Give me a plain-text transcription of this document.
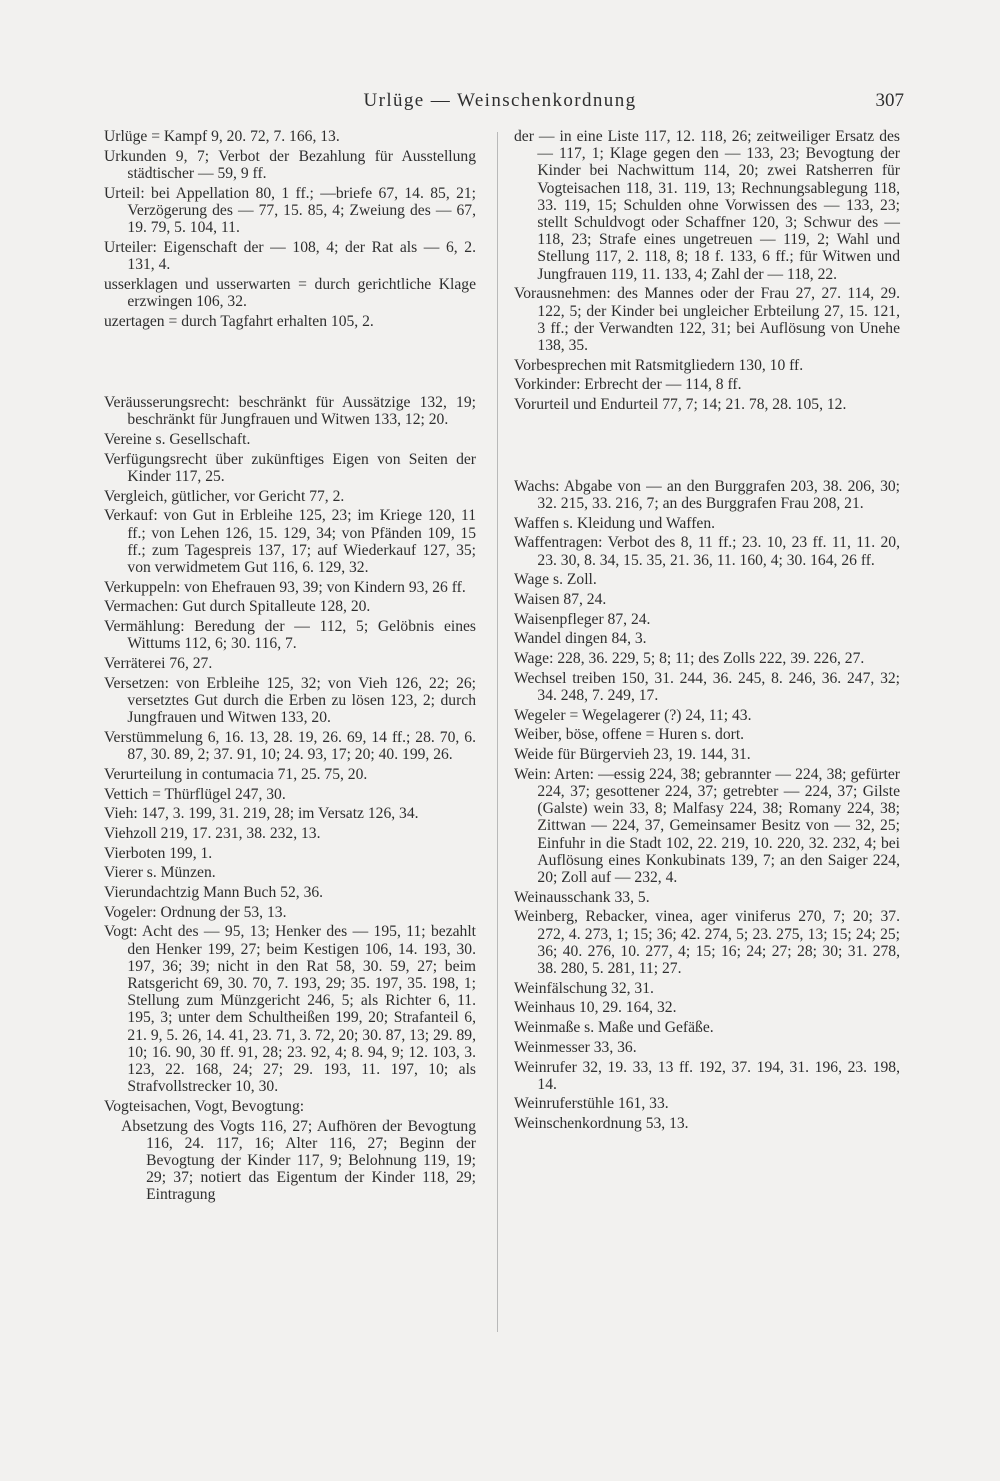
Urlüge — Weinschenkordnung	307

Urlüge = Kampf 9, 20. 72, 7. 166, 13.

Urkunden 9, 7; Verbot der Bezahlung für Ausstellung städtischer — 59, 9 ff.

Urteil: bei Appellation 80, 1 ff.; —briefe 67, 14. 85, 21; Verzögerung des — 77, 15. 85, 4; Zweiung des — 67, 19. 79, 5. 104, 11.

Urteiler: Eigenschaft der — 108, 4; der Rat als — 6, 2. 131, 4.

usserklagen und usserwarten = durch gerichtliche Klage erzwingen 106, 32.

uzertagen = durch Tagfahrt erhalten 105, 2.

Veräusserungsrecht: beschränkt für Aussätzige 132, 19; beschränkt für Jungfrauen und Witwen 133, 12; 20.

Vereine s. Gesellschaft.

Verfügungsrecht über zukünftiges Eigen von Seiten der Kinder 117, 25.

Vergleich, gütlicher, vor Gericht 77, 2.

Verkauf: von Gut in Erbleihe 125, 23; im Kriege 120, 11 ff.; von Lehen 126, 15. 129, 34; von Pfänden 109, 15 ff.; zum Tagespreis 137, 17; auf Wiederkauf 127, 35; von verwidmetem Gut 116, 6. 129, 32.

Verkuppeln: von Ehefrauen 93, 39; von Kindern 93, 26 ff.

Vermachen: Gut durch Spitalleute 128, 20.

Vermählung: Beredung der — 112, 5; Gelöbnis eines Wittums 112, 6; 30. 116, 7.

Verräterei 76, 27.

Versetzen: von Erbleihe 125, 32; von Vieh 126, 22; 26; versetztes Gut durch die Erben zu lösen 123, 2; durch Jungfrauen und Witwen 133, 20.

Verstümmelung 6, 16. 13, 28. 19, 26. 69, 14 ff.; 28. 70, 6. 87, 30. 89, 2; 37. 91, 10; 24. 93, 17; 20; 40. 199, 26.

Verurteilung in contumacia 71, 25. 75, 20.

Vettich = Thürflügel 247, 30.

Vieh: 147, 3. 199, 31. 219, 28; im Versatz 126, 34.

Viehzoll 219, 17. 231, 38. 232, 13.

Vierboten 199, 1.

Vierer s. Münzen.

Vierundachtzig Mann Buch 52, 36.

Vogeler: Ordnung der 53, 13.

Vogt: Acht des — 95, 13; Henker des — 195, 11; bezahlt den Henker 199, 27; beim Kestigen 106, 14. 193, 30. 197, 36; 39; nicht in den Rat 58, 30. 59, 27; beim Ratsgericht 69, 30. 70, 7. 193, 29; 35. 197, 35. 198, 1; Stellung zum Münzgericht 246, 5; als Richter 6, 11. 195, 3; unter dem Schultheißen 199, 20; Strafanteil 6, 21. 9, 5. 26, 14. 41, 23. 71, 3. 72, 20; 30. 87, 13; 29. 89, 10; 16. 90, 30 ff. 91, 28; 23. 92, 4; 8. 94, 9; 12. 103, 3. 123, 22. 168, 24; 27; 29. 193, 11. 197, 10; als Strafvollstrecker 10, 30.

Vogteisachen, Vogt, Bevogtung:

Absetzung des Vogts 116, 27; Aufhören der Bevogtung 116, 24. 117, 16; Alter 116, 27; Beginn der Bevogtung der Kinder 117, 9; Belohnung 119, 19; 29; 37; notiert das Eigentum der Kinder 118, 29; Eintragung

der — in eine Liste 117, 12. 118, 26; zeitweiliger Ersatz des — 117, 1; Klage gegen den — 133, 23; Bevogtung der Kinder bei Nachwittum 114, 20; zwei Ratsherren für Vogteisachen 118, 31. 119, 13; Rechnungsablegung 118, 33. 119, 15; Schulden ohne Vorwissen des — 133, 23; stellt Schuldvogt oder Schaffner 120, 3; Schwur des — 118, 23; Strafe eines ungetreuen — 119, 2; Wahl und Stellung 117, 2. 118, 8; 18 f. 133, 6 ff.; für Witwen und Jungfrauen 119, 11. 133, 4; Zahl der — 118, 22.

Vorausnehmen: des Mannes oder der Frau 27, 27. 114, 29. 122, 5; der Kinder bei ungleicher Erbteilung 27, 15. 121, 3 ff.; der Verwandten 122, 31; bei Auflösung von Unehe 138, 35.

Vorbesprechen mit Ratsmitgliedern 130, 10 ff.

Vorkinder: Erbrecht der — 114, 8 ff.

Vorurteil und Endurteil 77, 7; 14; 21. 78, 28. 105, 12.

Wachs: Abgabe von — an den Burggrafen 203, 38. 206, 30; 32. 215, 33. 216, 7; an des Burggrafen Frau 208, 21.

Waffen s. Kleidung und Waffen.

Waffentragen: Verbot des 8, 11 ff.; 23. 10, 23 ff. 11, 11. 20, 23. 30, 8. 34, 15. 35, 21. 36, 11. 160, 4; 30. 164, 26 ff.

Wage s. Zoll.

Waisen 87, 24.

Waisenpfleger 87, 24.

Wandel dingen 84, 3.

Wage: 228, 36. 229, 5; 8; 11; des Zolls 222, 39. 226, 27.

Wechsel treiben 150, 31. 244, 36. 245, 8. 246, 36. 247, 32; 34. 248, 7. 249, 17.

Wegeler = Wegelagerer (?) 24, 11; 43.

Weiber, böse, offene = Huren s. dort.

Weide für Bürgervieh 23, 19. 144, 31.

Wein: Arten: —essig 224, 38; gebrannter — 224, 38; gefürter 224, 37; gesottener 224, 37; getrebter — 224, 37; Gilste (Galste) wein 33, 8; Malfasy 224, 38; Romany 224, 38; Zittwan — 224, 37, Gemeinsamer Besitz von — 32, 25; Einfuhr in die Stadt 102, 22. 219, 10. 220, 32. 232, 4; bei Auflösung eines Konkubinats 139, 7; an den Saiger 224, 20; Zoll auf — 232, 4.

Weinausschank 33, 5.

Weinberg, Rebacker, vinea, ager viniferus 270, 7; 20; 37. 272, 4. 273, 1; 15; 36; 42. 274, 5; 23. 275, 13; 15; 24; 25; 36; 40. 276, 10. 277, 4; 15; 16; 24; 27; 28; 30; 31. 278, 38. 280, 5. 281, 11; 27.

Weinfälschung 32, 31.

Weinhaus 10, 29. 164, 32.

Weinmaße s. Maße und Gefäße.

Weinmesser 33, 36.

Weinrufer 32, 19. 33, 13 ff. 192, 37. 194, 31. 196, 23. 198, 14.

Weinruferstühle 161, 33.

Weinschenkordnung 53, 13.
